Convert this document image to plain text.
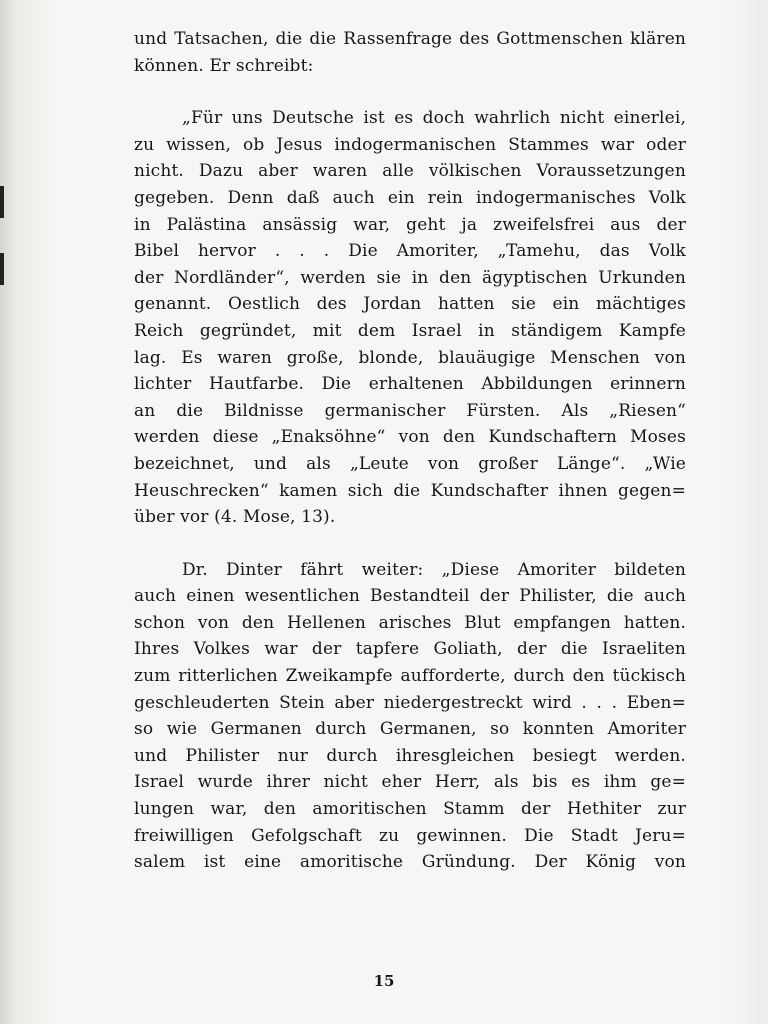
und Tatsachen, die die Rassenfrage des Gottmenschen klären
können. Er schreibt:
„Für uns Deutsche ist es doch wahrlich nicht einerlei,
zu wissen, ob Jesus indogermanischen Stammes war oder
nicht. Dazu aber waren alle völkischen Voraussetzungen
gegeben. Denn daß auch ein rein indogermanisches Volk
in Palästina ansässig war, geht ja zweifelsfrei aus der
Bibel hervor . . . Die Amoriter, „Tamehu, das Volk
der Nordländer“, werden sie in den ägyptischen Urkunden
genannt. Oestlich des Jordan hatten sie ein mächtiges
Reich gegründet, mit dem Israel in ständigem Kampfe
lag. Es waren große, blonde, blauäugige Menschen von
lichter Hautfarbe. Die erhaltenen Abbildungen erinnern
an die Bildnisse germanischer Fürsten. Als „Riesen“
werden diese „Enaksöhne“ von den Kundschaftern Moses
bezeichnet, und als „Leute von großer Länge“. „Wie
Heuschrecken“ kamen sich die Kundschafter ihnen gegen=
über vor (4. Mose, 13).
Dr. Dinter fährt weiter: „Diese Amoriter bildeten
auch einen wesentlichen Bestandteil der Philister, die auch
schon von den Hellenen arisches Blut empfangen hatten.
Ihres Volkes war der tapfere Goliath, der die Israeliten
zum ritterlichen Zweikampfe aufforderte, durch den tückisch
geschleuderten Stein aber niedergestreckt wird . . . Eben=
so wie Germanen durch Germanen, so konnten Amoriter
und Philister nur durch ihresgleichen besiegt werden.
Israel wurde ihrer nicht eher Herr, als bis es ihm ge=
lungen war, den amoritischen Stamm der Hethiter zur
freiwilligen Gefolgschaft zu gewinnen. Die Stadt Jeru=
salem ist eine amoritische Gründung. Der König von
15
